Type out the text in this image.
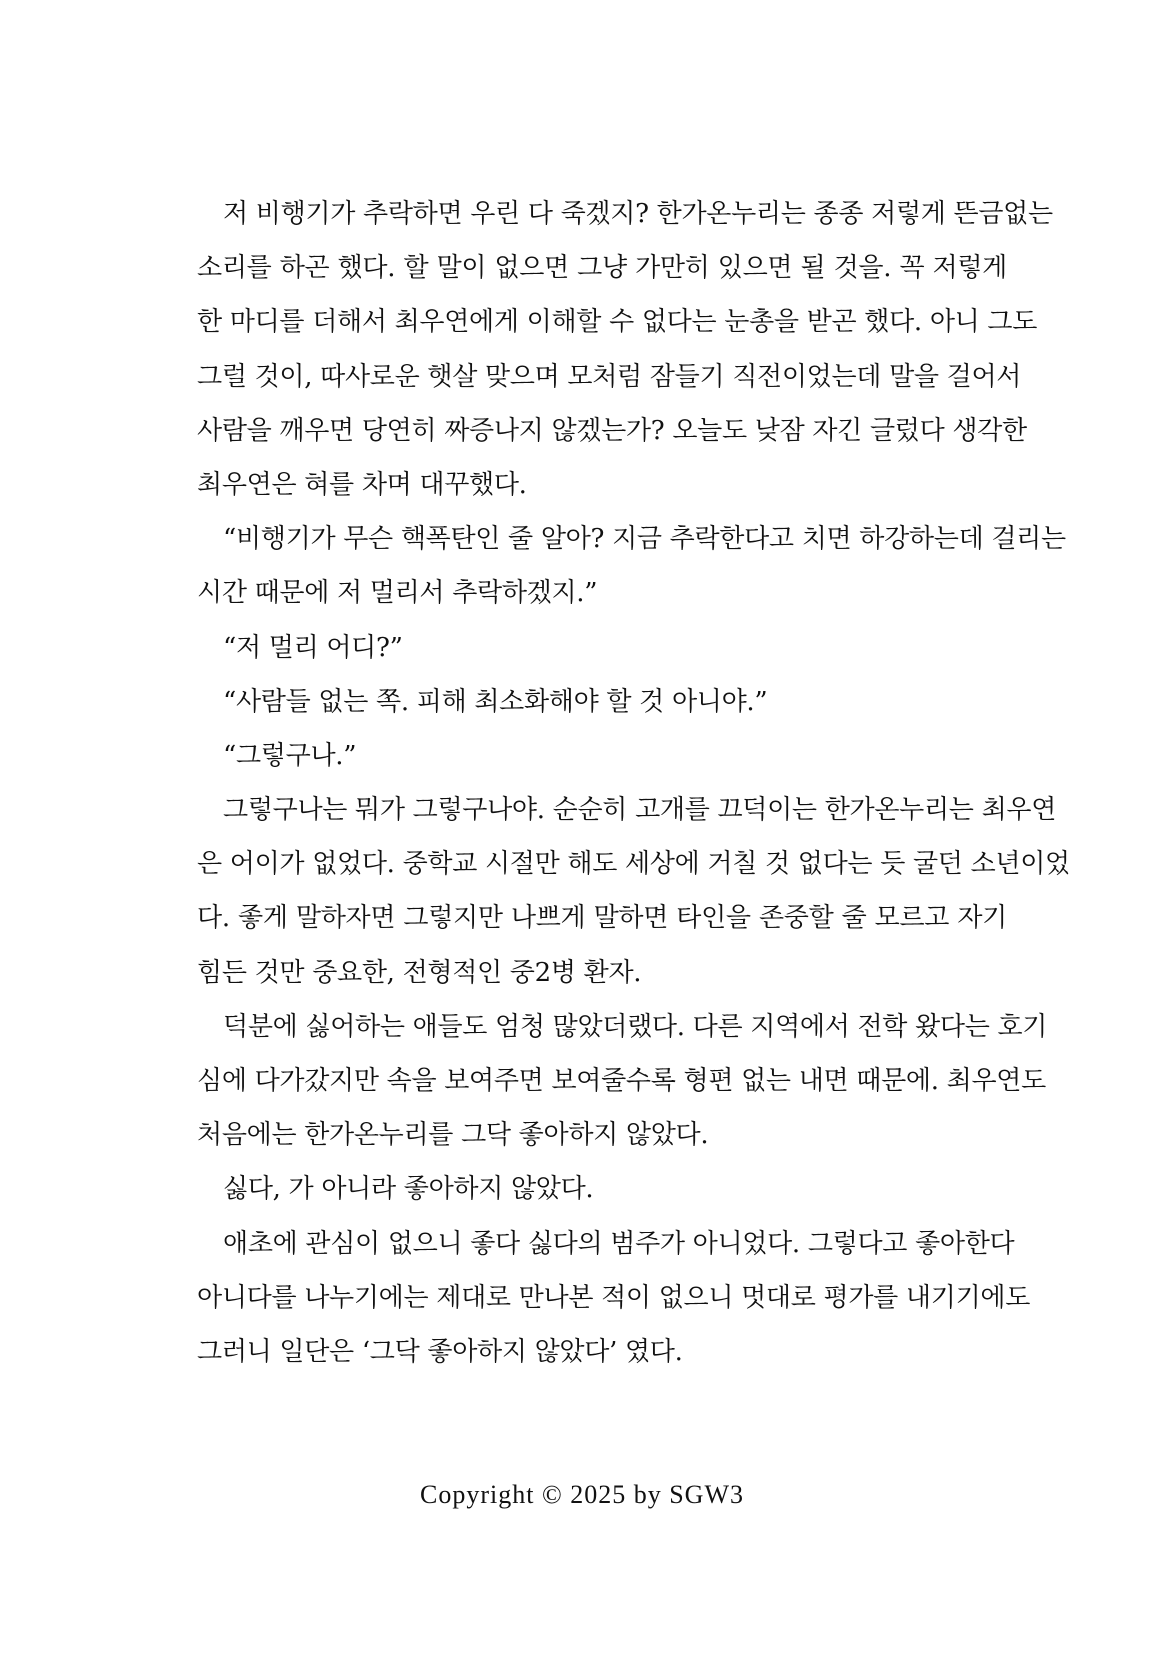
저 비행기가 추락하면 우린 다 죽겠지? 한가온누리는 종종 저렇게 뜬금없는
소리를 하곤 했다. 할 말이 없으면 그냥 가만히 있으면 될 것을. 꼭 저렇게
한 마디를 더해서 최우연에게 이해할 수 없다는 눈총을 받곤 했다. 아니 그도
그럴 것이, 따사로운 햇살 맞으며 모처럼 잠들기 직전이었는데 말을 걸어서
사람을 깨우면 당연히 짜증나지 않겠는가? 오늘도 낮잠 자긴 글렀다 생각한
최우연은 혀를 차며 대꾸했다.
“비행기가 무슨 핵폭탄인 줄 알아? 지금 추락한다고 치면 하강하는데 걸리는
시간 때문에 저 멀리서 추락하겠지.”
“저 멀리 어디?”
“사람들 없는 쪽. 피해 최소화해야 할 것 아니야.”
“그렇구나.”
그렇구나는 뭐가 그렇구나야. 순순히 고개를 끄덕이는 한가온누리는 최우연
은 어이가 없었다. 중학교 시절만 해도 세상에 거칠 것 없다는 듯 굴던 소년이었
다. 좋게 말하자면 그렇지만 나쁘게 말하면 타인을 존중할 줄 모르고 자기
힘든 것만 중요한, 전형적인 중2병 환자.
덕분에 싫어하는 애들도 엄청 많았더랬다. 다른 지역에서 전학 왔다는 호기
심에 다가갔지만 속을 보여주면 보여줄수록 형편 없는 내면 때문에. 최우연도
처음에는 한가온누리를 그닥 좋아하지 않았다.
싫다, 가 아니라 좋아하지 않았다.
애초에 관심이 없으니 좋다 싫다의 범주가 아니었다. 그렇다고 좋아한다
아니다를 나누기에는 제대로 만나본 적이 없으니 멋대로 평가를 내기기에도
그러니 일단은 ‘그닥 좋아하지 않았다’ 였다.
Copyright © 2025 by SGW3
